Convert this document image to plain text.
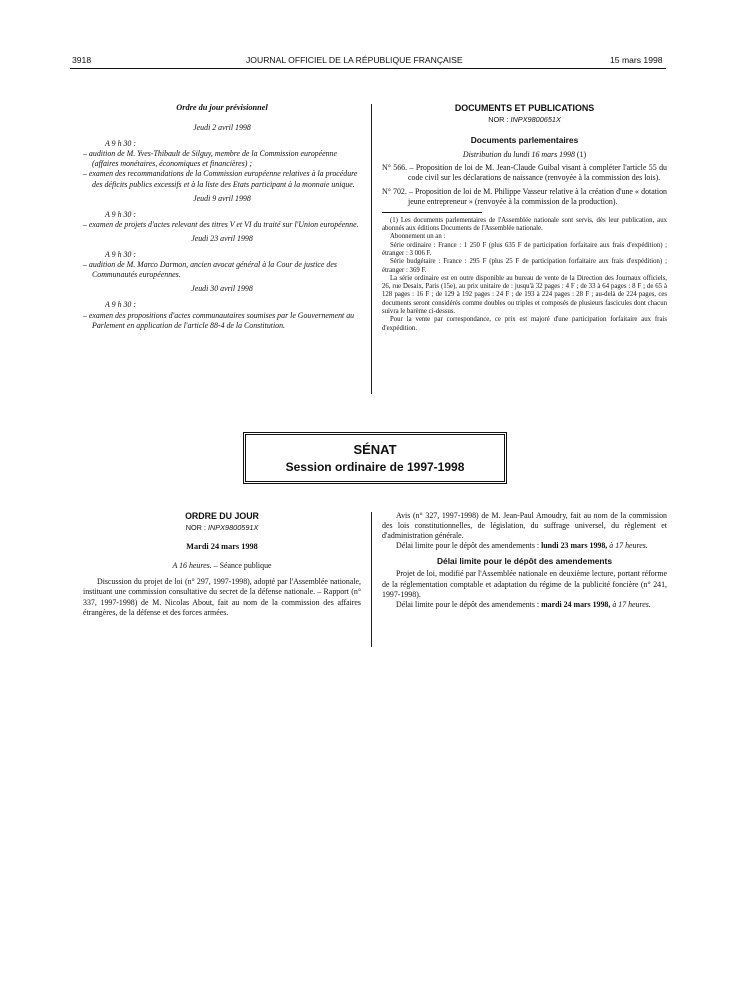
3918	JOURNAL OFFICIEL DE LA RÉPUBLIQUE FRANÇAISE	15 mars 1998
Ordre du jour prévisionnel
Jeudi 2 avril 1998
A 9 h 30 :
– audition de M. Yves-Thibault de Silguy, membre de la Commission européenne (affaires monétaires, économiques et financières) ;
– examen des recommandations de la Commission européenne relatives à la procédure des déficits publics excessifs et à la liste des Etats participant à la monnaie unique.
Jeudi 9 avril 1998
A 9 h 30 :
– examen de projets d'actes relevant des titres V et VI du traité sur l'Union européenne.
Jeudi 23 avril 1998
A 9 h 30 :
– audition de M. Marco Darmon, ancien avocat général à la Cour de justice des Communautés européennes.
Jeudi 30 avril 1998
A 9 h 30 :
– examen des propositions d'actes communautaires soumises par le Gouvernement au Parlement en application de l'article 88-4 de la Constitution.
DOCUMENTS ET PUBLICATIONS
NOR : INPX9800651X
Documents parlementaires
Distribution du lundi 16 mars 1998 (1)
N° 566. – Proposition de loi de M. Jean-Claude Guibal visant à compléter l'article 55 du code civil sur les déclarations de naissance (renvoyée à la commission des lois).
N° 702. – Proposition de loi de M. Philippe Vasseur relative à la création d'une « dotation jeune entrepreneur » (renvoyée à la commission de la production).

(1) Les documents parlementaires de l'Assemblée nationale sont servis, dès leur publication, aux abonnés aux éditions Documents de l'Assemblée nationale.

Abonnement un an :

Série ordinaire : France : 1 250 F (plus 635 F de participation forfaitaire aux frais d'expédition) ; étranger : 3 006 F.

Série budgétaire : France : 295 F (plus 25 F de participation forfaitaire aux frais d'expédition) ; étranger : 369 F.

La série ordinaire est en outre disponible au bureau de vente de la Direction des Journaux officiels, 26, rue Desaix, Paris (15e), au prix unitaire de : jusqu'à 32 pages : 4 F ; de 33 à 64 pages : 8 F ; de 65 à 128 pages : 16 F ; de 129 à 192 pages : 24 F ; de 193 à 224 pages : 28 F ; au-delà de 224 pages, ces documents seront considérés comme doubles ou triples et composés de plusieurs fascicules dont chacun suivra le barème ci-dessus.

Pour la vente par correspondance, ce prix est majoré d'une participation forfaitaire aux frais d'expédition.

SÉNAT
Session ordinaire de 1997-1998
ORDRE DU JOUR
NOR : INPX9800591X
Mardi 24 mars 1998
A 16 heures. – Séance publique

Discussion du projet de loi (n° 297, 1997-1998), adopté par l'Assemblée nationale, instituant une commission consultative du secret de la défense nationale. – Rapport (n° 337, 1997-1998) de M. Nicolas About, fait au nom de la commission des affaires étrangères, de la défense et des forces armées.

Avis (n° 327, 1997-1998) de M. Jean-Paul Amoudry, fait au nom de la commission des lois constitutionnelles, de législation, du suffrage universel, du règlement et d'administration générale.

Délai limite pour le dépôt des amendements : lundi 23 mars 1998, à 17 heures.

Délai limite pour le dépôt des amendements

Projet de loi, modifié par l'Assemblée nationale en deuxième lecture, portant réforme de la réglementation comptable et adaptation du régime de la publicité foncière (n° 241, 1997-1998).

Délai limite pour le dépôt des amendements : mardi 24 mars 1998, à 17 heures.
